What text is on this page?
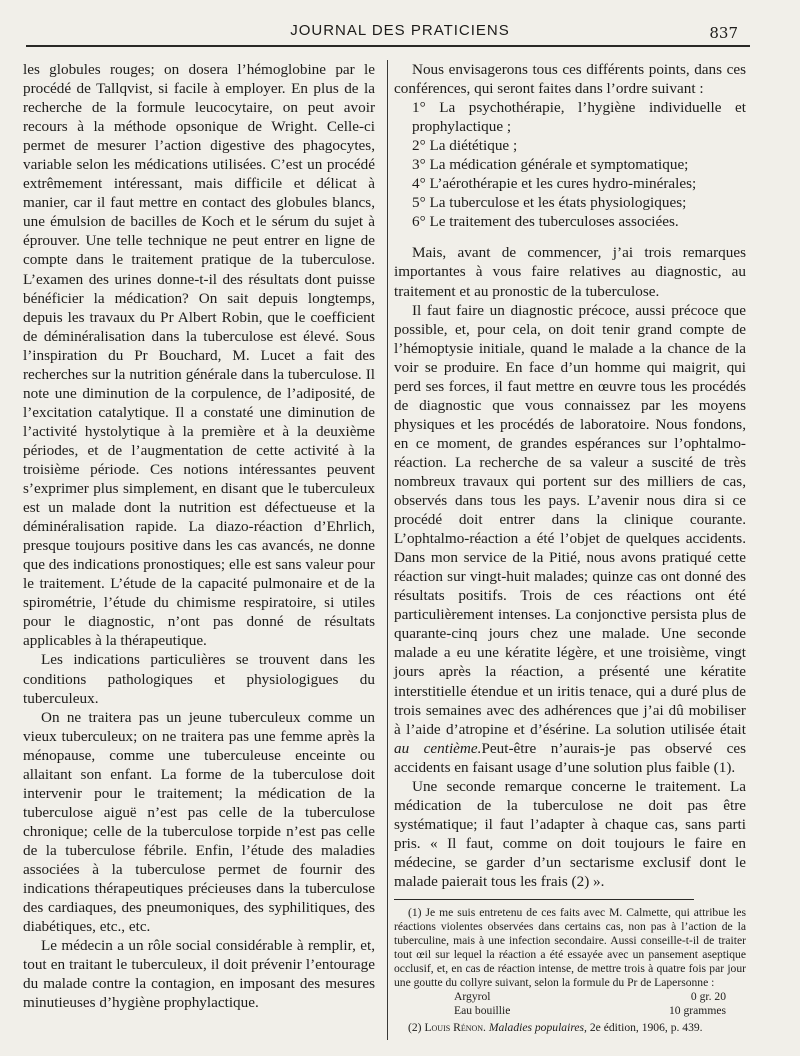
JOURNAL DES PRATICIENS	837

les globules rouges; on dosera l’hémoglobine par le procédé de Tallqvist, si facile à employer. En plus de la recherche de la formule leucocytaire, on peut avoir recours à la méthode opsonique de Wright. Celle-ci permet de mesurer l’action digestive des phagocytes, variable selon les médications utilisées. C’est un procédé extrêmement intéressant, mais difficile et délicat à manier, car il faut mettre en contact des globules blancs, une émulsion de bacilles de Koch et le sérum du sujet à éprouver. Une telle technique ne peut entrer en ligne de compte dans le traitement pratique de la tuberculose. L’examen des urines donne-t-il des résultats dont puisse bénéficier la médication? On sait depuis longtemps, depuis les travaux du Pr Albert Robin, que le coefficient de déminéralisation dans la tuberculose est élevé. Sous l’inspiration du Pr Bouchard, M. Lucet a fait des recherches sur la nutrition générale dans la tuberculose. Il note une diminution de la corpulence, de l’adiposité, de l’excitation catalytique. Il a constaté une diminution de l’activité hystolytique à la première et à la deuxième périodes, et de l’augmentation de cette activité à la troisième période. Ces notions intéressantes peuvent s’exprimer plus simplement, en disant que le tuberculeux est un malade dont la nutrition est défectueuse et la déminéralisation rapide. La diazo-réaction d’Ehrlich, presque toujours positive dans les cas avancés, ne donne que des indications pronostiques; elle est sans valeur pour le traitement. L’étude de la capacité pulmonaire et de la spirométrie, l’étude du chimisme respiratoire, si utiles pour le diagnostic, n’ont pas donné de résultats applicables à la thérapeutique.

Les indications particulières se trouvent dans les conditions pathologiques et physiologigues du tuberculeux.

On ne traitera pas un jeune tuberculeux comme un vieux tuberculeux; on ne traitera pas une femme après la ménopause, comme une tuberculeuse enceinte ou allaitant son enfant. La forme de la tuberculose doit intervenir pour le traitement; la médication de la tuberculose aiguë n’est pas celle de la tuberculose chronique; celle de la tuberculose torpide n’est pas celle de la tuberculose fébrile. Enfin, l’étude des maladies associées à la tuberculose permet de fournir des indications thérapeutiques précieuses dans la tuberculose des cardiaques, des pneumoniques, des syphilitiques, des diabétiques, etc., etc.

Le médecin a un rôle social considérable à remplir, et, tout en traitant le tuberculeux, il doit prévenir l’entourage du malade contre la contagion, en imposant des mesures minutieuses d’hygiène prophylactique.

Nous envisagerons tous ces différents points, dans ces conférences, qui seront faites dans l’ordre suivant :

1° La psychothérapie, l’hygiène individuelle et prophylactique ;

2° La diététique ;

3° La médication générale et symptomatique;

4° L’aérothérapie et les cures hydro-minérales;

5° La tuberculose et les états physiologiques;

6° Le traitement des tuberculoses associées.

Mais, avant de commencer, j’ai trois remarques importantes à vous faire relatives au diagnostic, au traitement et au pronostic de la tuberculose.

Il faut faire un diagnostic précoce, aussi précoce que possible, et, pour cela, on doit tenir grand compte de l’hémoptysie initiale, quand le malade a la chance de la voir se produire. En face d’un homme qui maigrit, qui perd ses forces, il faut mettre en œuvre tous les procédés de diagnostic que vous connaissez par les moyens physiques et les procédés de laboratoire. Nous fondons, en ce moment, de grandes espérances sur l’ophtalmo-réaction. La recherche de sa valeur a suscité de très nombreux travaux qui portent sur des milliers de cas, observés dans tous les pays. L’avenir nous dira si ce procédé doit entrer dans la clinique courante. L’ophtalmo-réaction a été l’objet de quelques accidents. Dans mon service de la Pitié, nous avons pratiqué cette réaction sur vingt-huit malades; quinze cas ont donné des résultats positifs. Trois de ces réactions ont été particulièrement intenses. La conjonctive persista plus de quarante-cinq jours chez une malade. Une seconde malade a eu une kératite légère, et une troisième, vingt jours après la réaction, a présenté une kératite interstitielle étendue et un iritis tenace, qui a duré plus de trois semaines avec des adhérences que j’ai dû mobiliser à l’aide d’atropine et d’ésérine. La solution utilisée était au centième.Peut-être n’aurais-je pas observé ces accidents en faisant usage d’une solution plus faible (1).

Une seconde remarque concerne le traitement. La médication de la tuberculose ne doit pas être systématique; il faut l’adapter à chaque cas, sans parti pris. « Il faut, comme on doit toujours le faire en médecine, se garder d’un sectarisme exclusif dont le malade paierait tous les frais (2) ».

(1) Je me suis entretenu de ces faits avec M. Calmette, qui attribue les réactions violentes observées dans certains cas, non pas à l’action de la tuberculine, mais à une infection secondaire. Aussi conseille-t-il de traiter tout œil sur lequel la réaction a été essayée avec un pansement aseptique occlusif, et, en cas de réaction intense, de mettre trois à quatre fois par jour une goutte du collyre suivant, selon la formule du Pr de Lapersonne :

Argyrol	0 gr. 20
Eau bouillie	10 grammes

(2) Louis Rénon. Maladies populaires, 2e édition, 1906, p. 439.
